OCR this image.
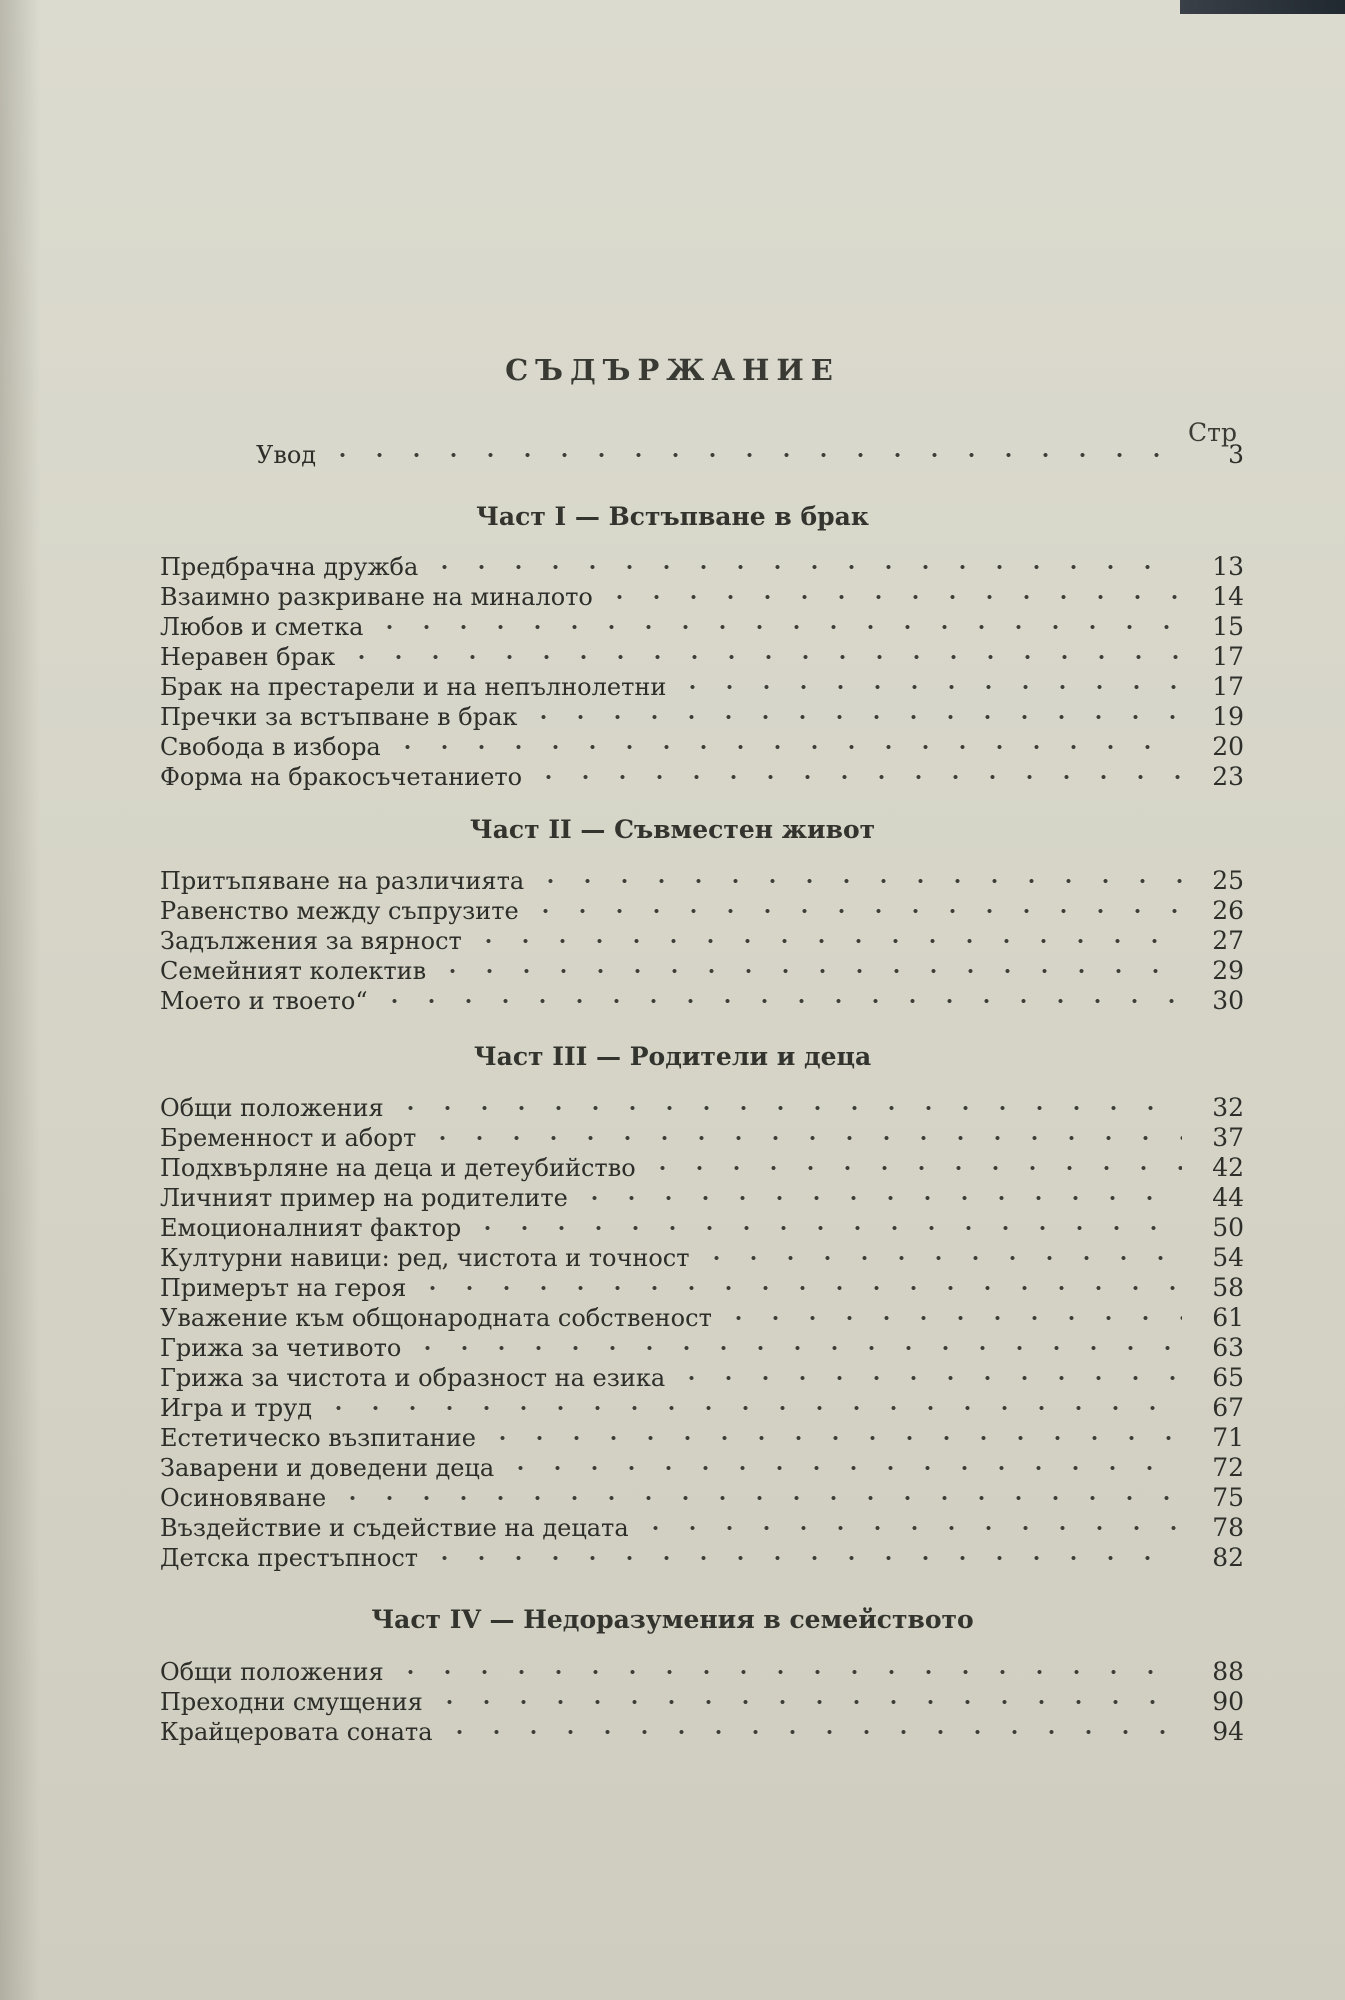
СЪДЪРЖАНИЕ
Стр
Увод	3
Част I — Встъпване в брак
Предбрачна дружба	13
Взаимно разкриване на миналото	14
Любов и сметка	15
Неравен брак	17
Брак на престарели и на непълнолетни	17
Пречки за встъпване в брак	19
Свобода в избора	20
Форма на бракосъчетанието	23
Част II — Съвместен живот
Притъпяване на различията	25
Равенство между съпрузите	26
Задължения за вярност	27
Семейният колектив	29
Моето и твоето“	30
Част III — Родители и деца
Общи положения	32
Бременност и аборт	37
Подхвърляне на деца и детеубийство	42
Личният пример на родителите	44
Емоционалният фактор	50
Културни навици: ред, чистота и точност	54
Примерът на героя	58
Уважение към общонародната собственост	61
Грижа за четивото	63
Грижа за чистота и образност на езика	65
Игра и труд	67
Естетическо възпитание	71
Заварени и доведени деца	72
Осиновяване	75
Въздействие и съдействие на децата	78
Детска престъпност	82
Част IV — Недоразумения в семейството
Общи положения	88
Преходни смущения	90
Крайцеровата соната	94
